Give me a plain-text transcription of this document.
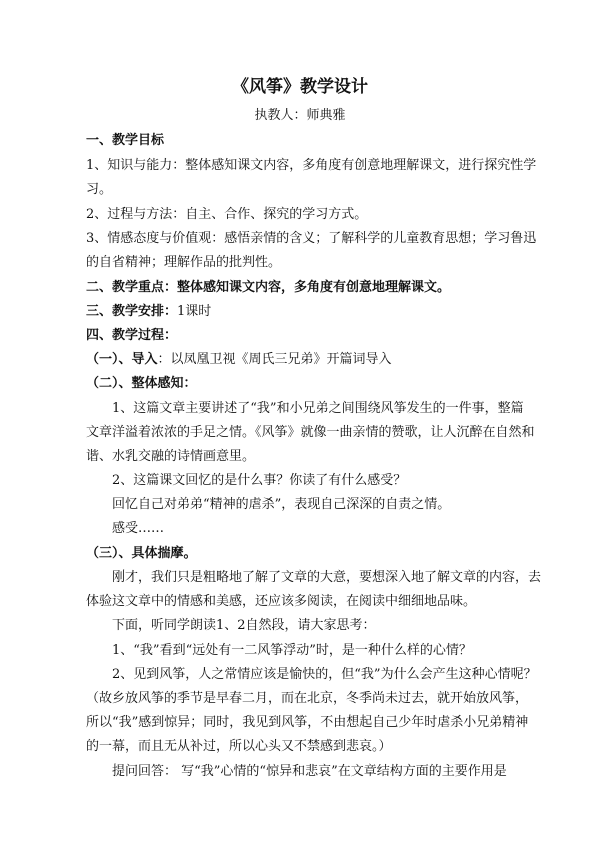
《风筝》教学设计
执教人：师典雅
一、教学目标
1、知识与能力：整体感知课文内容，多角度有创意地理解课文，进行探究性学
习。
2、过程与方法：自主、合作、探究的学习方式。
3、情感态度与价值观：感悟亲情的含义；了解科学的儿童教育思想；学习鲁迅
的自省精神；理解作品的批判性。
二、教学重点：整体感知课文内容，多角度有创意地理解课文。
三、教学安排：1课时
四、教学过程：
（一）、导入：以凤凰卫视《周氏三兄弟》开篇词导入
（二）、整体感知：
1、这篇文章主要讲述了“我”和小兄弟之间围绕风筝发生的一件事，整篇
文章洋溢着浓浓的手足之情。《风筝》就像一曲亲情的赞歌，让人沉醉在自然和
谐、水乳交融的诗情画意里。
2、这篇课文回忆的是什么事？你读了有什么感受？
回忆自己对弟弟“精神的虐杀”，表现自己深深的自责之情。
感受……
（三）、具体揣摩。
刚才，我们只是粗略地了解了文章的大意，要想深入地了解文章的内容，去
体验这文章中的情感和美感，还应该多阅读，在阅读中细细地品味。
下面，听同学朗读1、2自然段，请大家思考：
1、“我”看到“远处有一二风筝浮动”时，是一种什么样的心情？
2、见到风筝，人之常情应该是愉快的，但“我”为什么会产生这种心情呢？
（故乡放风筝的季节是早春二月，而在北京，冬季尚未过去，就开始放风筝，
所以“我”感到惊异；同时，我见到风筝，不由想起自己少年时虐杀小兄弟精神
的一幕，而且无从补过，所以心头又不禁感到悲哀。）
提问回答： 写“我”心情的“惊异和悲哀”在文章结构方面的主要作用是
